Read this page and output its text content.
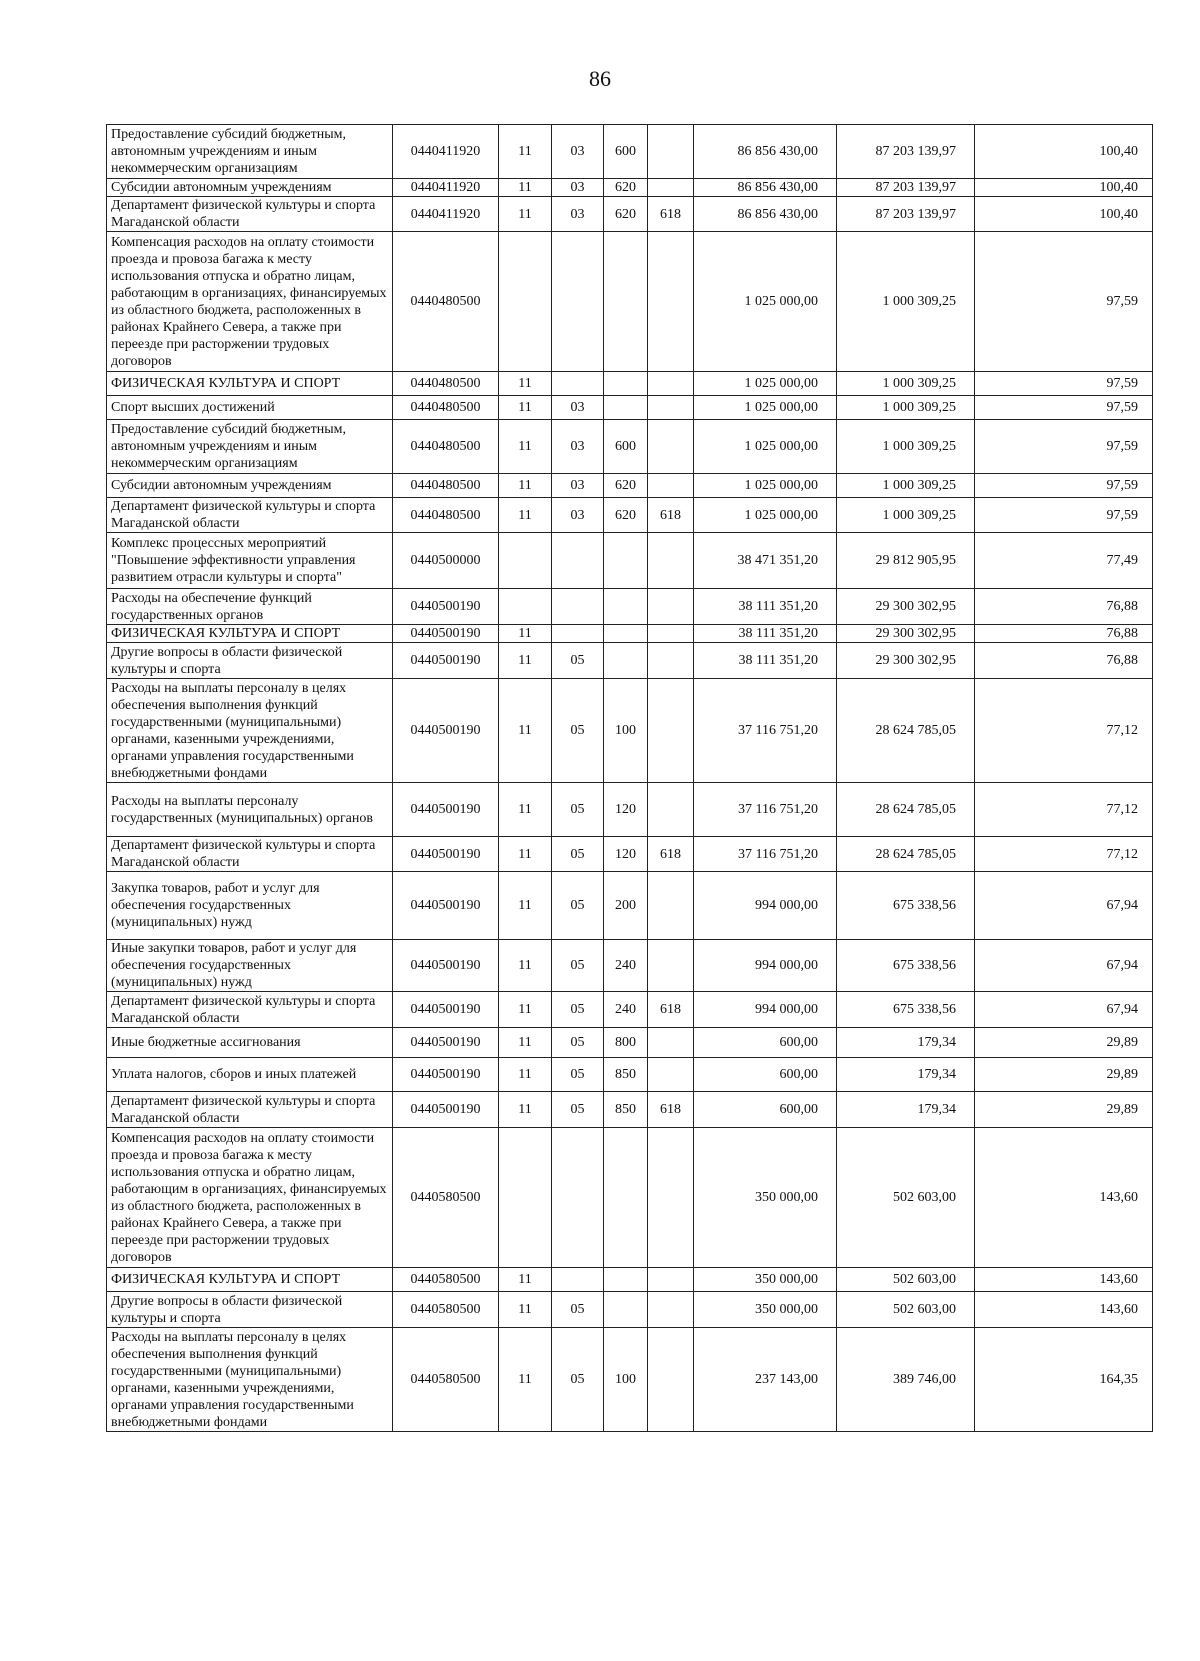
86
Предоставление субсидий бюджетным, автономным учреждениям и иным некоммерческим организациям	0440411920	11	03	600		86 856 430,00	87 203 139,97	100,40
Субсидии автономным учреждениям	0440411920	11	03	620		86 856 430,00	87 203 139,97	100,40
Департамент физической культуры и спорта Магаданской области	0440411920	11	03	620	618	86 856 430,00	87 203 139,97	100,40
Компенсация расходов на оплату стоимости проезда и провоза багажа к месту использования отпуска и обратно лицам, работающим в организациях, финансируемых из областного бюджета, расположенных в районах Крайнего Севера, а также при переезде при расторжении трудовых договоров	0440480500					1 025 000,00	1 000 309,25	97,59
ФИЗИЧЕСКАЯ КУЛЬТУРА И СПОРТ	0440480500	11				1 025 000,00	1 000 309,25	97,59
Спорт высших достижений	0440480500	11	03			1 025 000,00	1 000 309,25	97,59
Предоставление субсидий бюджетным, автономным учреждениям и иным некоммерческим организациям	0440480500	11	03	600		1 025 000,00	1 000 309,25	97,59
Субсидии автономным учреждениям	0440480500	11	03	620		1 025 000,00	1 000 309,25	97,59
Департамент физической культуры и спорта Магаданской области	0440480500	11	03	620	618	1 025 000,00	1 000 309,25	97,59
Комплекс процессных мероприятий "Повышение эффективности управления развитием отрасли культуры и спорта"	0440500000					38 471 351,20	29 812 905,95	77,49
Расходы на обеспечение функций государственных органов	0440500190					38 111 351,20	29 300 302,95	76,88
ФИЗИЧЕСКАЯ КУЛЬТУРА И СПОРТ	0440500190	11				38 111 351,20	29 300 302,95	76,88
Другие вопросы в области физической культуры и спорта	0440500190	11	05			38 111 351,20	29 300 302,95	76,88
Расходы на выплаты персоналу в целях обеспечения выполнения функций государственными (муниципальными) органами, казенными учреждениями, органами управления государственными внебюджетными фондами	0440500190	11	05	100		37 116 751,20	28 624 785,05	77,12
Расходы на выплаты персоналу государственных (муниципальных) органов	0440500190	11	05	120		37 116 751,20	28 624 785,05	77,12
Департамент физической культуры и спорта Магаданской области	0440500190	11	05	120	618	37 116 751,20	28 624 785,05	77,12
Закупка товаров, работ и услуг для обеспечения государственных (муниципальных) нужд	0440500190	11	05	200		994 000,00	675 338,56	67,94
Иные закупки товаров, работ и услуг для обеспечения государственных (муниципальных) нужд	0440500190	11	05	240		994 000,00	675 338,56	67,94
Департамент физической культуры и спорта Магаданской области	0440500190	11	05	240	618	994 000,00	675 338,56	67,94
Иные бюджетные ассигнования	0440500190	11	05	800		600,00	179,34	29,89
Уплата налогов, сборов и иных платежей	0440500190	11	05	850		600,00	179,34	29,89
Департамент физической культуры и спорта Магаданской области	0440500190	11	05	850	618	600,00	179,34	29,89
Компенсация расходов на оплату стоимости проезда и провоза багажа к месту использования отпуска и обратно лицам, работающим в организациях, финансируемых из областного бюджета, расположенных в районах Крайнего Севера, а также при переезде при расторжении трудовых договоров	0440580500					350 000,00	502 603,00	143,60
ФИЗИЧЕСКАЯ КУЛЬТУРА И СПОРТ	0440580500	11				350 000,00	502 603,00	143,60
Другие вопросы в области физической культуры и спорта	0440580500	11	05			350 000,00	502 603,00	143,60
Расходы на выплаты персоналу в целях обеспечения выполнения функций государственными (муниципальными) органами, казенными учреждениями, органами управления государственными внебюджетными фондами	0440580500	11	05	100		237 143,00	389 746,00	164,35
